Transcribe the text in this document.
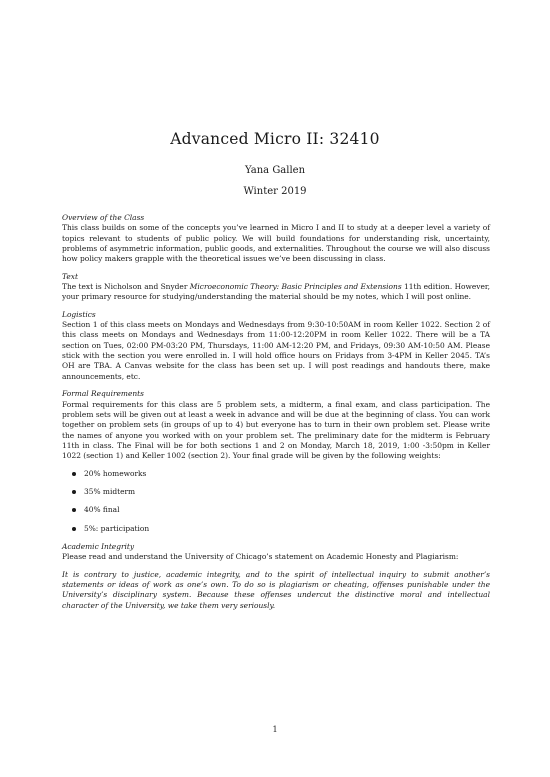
Advanced Micro II: 32410
Yana Gallen
Winter 2019

Overview of the Class

This class builds on some of the concepts you’ve learned in Micro I and II to study at a deeper level a variety of topics relevant to students of public policy. We will build foundations for understanding risk, uncertainty, problems of asymmetric information, public goods, and externalities. Throughout the course we will also discuss how policy makers grapple with the theoretical issues we’ve been discussing in class.

Text

The text is Nicholson and Snyder Microeconomic Theory: Basic Principles and Extensions 11th edition. However, your primary resource for studying/understanding the material should be my notes, which I will post online.

Logistics

Section 1 of this class meets on Mondays and Wednesdays from 9:30-10:50AM in room Keller 1022. Section 2 of this class meets on Mondays and Wednesdays from 11:00-12:20PM in room Keller 1022. There will be a TA section on Tues, 02:00 PM-03:20 PM, Thursdays, 11:00 AM-12:20 PM, and Fridays, 09:30 AM-10:50 AM. Please stick with the section you were enrolled in. I will hold office hours on Fridays from 3-4PM in Keller 2045. TA’s OH are TBA. A Canvas website for the class has been set up. I will post readings and handouts there, make announcements, etc.

Formal Requirements

Formal requirements for this class are 5 problem sets, a midterm, a final exam, and class participation. The problem sets will be given out at least a week in advance and will be due at the beginning of class. You can work together on problem sets (in groups of up to 4) but everyone has to turn in their own problem set. Please write the names of anyone you worked with on your problem set. The preliminary date for the midterm is February 11th in class. The Final will be for both sections 1 and 2 on Monday, March 18, 2019, 1:00 -3:50pm in Keller 1022 (section 1) and Keller 1002 (section 2). Your final grade will be given by the following weights:

20% homeworks
35% midterm
40% final
5%: participation

Academic Integrity

Please read and understand the University of Chicago’s statement on Academic Honesty and Plagiarism:

It is contrary to justice, academic integrity, and to the spirit of intellectual inquiry to submit another’s statements or ideas of work as one’s own. To do so is plagiarism or cheating, offenses punishable under the University’s disciplinary system. Because these offenses undercut the distinctive moral and intellectual character of the University, we take them very seriously.

1
